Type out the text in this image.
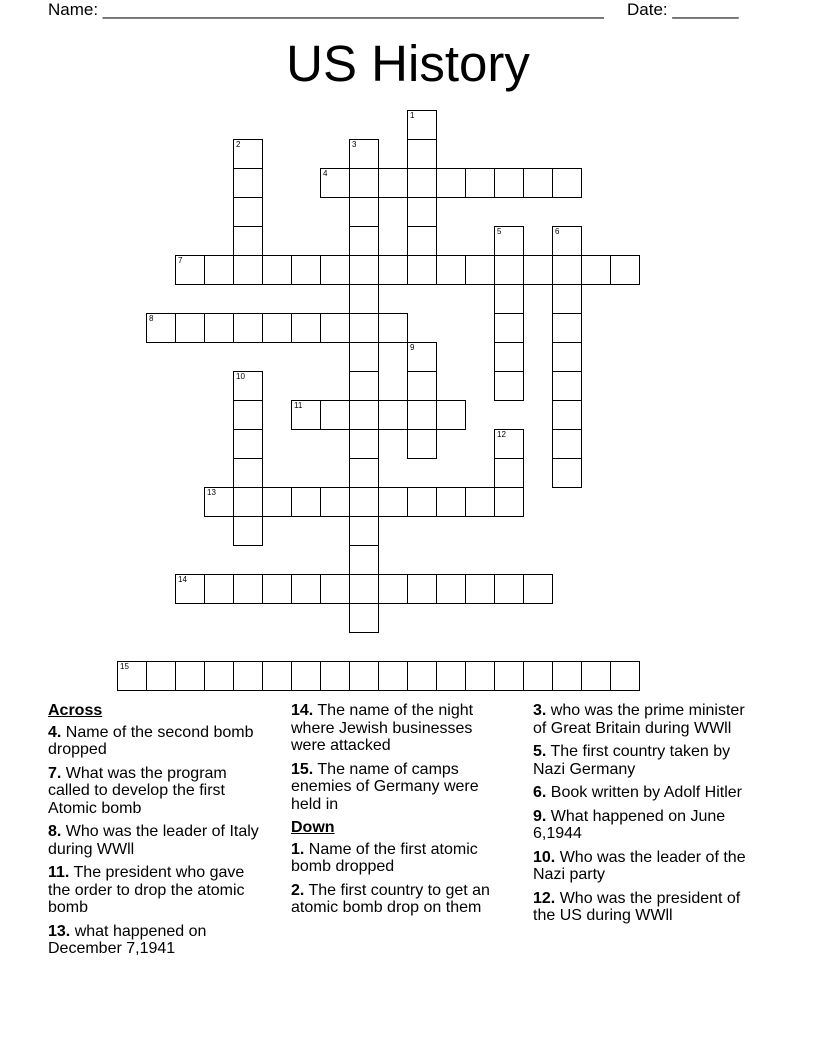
Name: _____________________________________________________ Date: _______
US History
4
7
8
11
13
14
15
1
2	3
5	6
9
10
12
Across
4. Name of the second bomb dropped
7. What was the program called to develop the first Atomic bomb
8. Who was the leader of Italy during WWll
11. The president who gave the order to drop the atomic bomb
13. what happened on December 7,1941
14. The name of the night where Jewish businesses were attacked
15. The name of camps enemies of Germany were held in
Down
1. Name of the first atomic bomb dropped
2. The first country to get an atomic bomb drop on them
3. who was the prime minister of Great Britain during WWll
5. The first country taken by Nazi Germany
6. Book written by Adolf Hitler
9. What happened on June 6,1944
10. Who was the leader of the Nazi party
12. Who was the president of the US during WWll
